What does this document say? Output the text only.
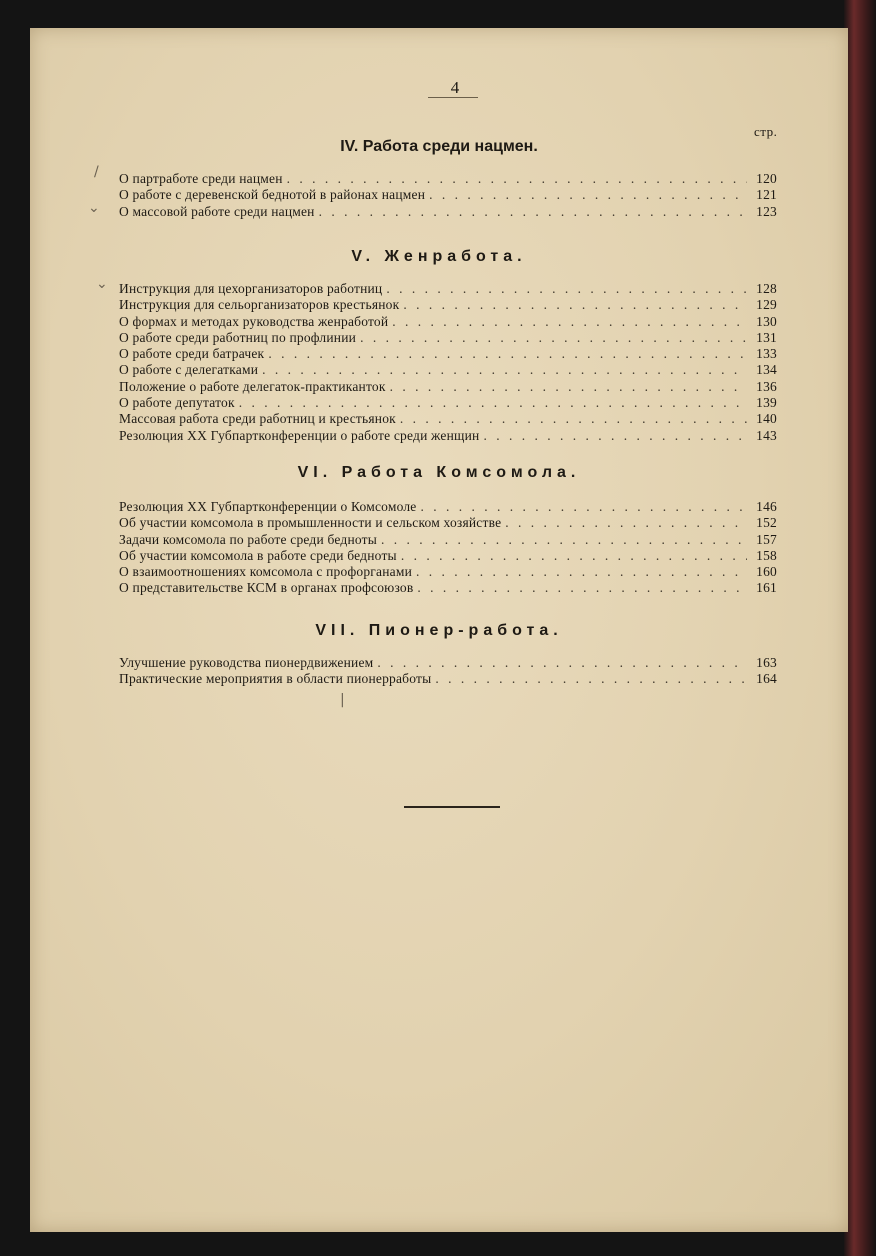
4
стр.
IV. Работа среди нацмен.
О партработе среди нацмен . . .	120
О работе с деревенской беднотой в районах нацмен . . .	121
О массовой работе среди нацмен . . .	123
V. Женработа.
Инструкция для цехорганизаторов работниц . . .	128
Инструкция для сельорганизаторов крестьянок . . .	129
О формах и методах руководства женработой . . .	130
О работе среди работниц по профлинии . . .	131
О работе среди батрачек . . .	133
О работе с делегатками . . .	134
Положение о работе делегаток-практиканток . . .	136
О работе депутаток . . .	139
Массовая работа среди работниц и крестьянок . . .	140
Резолюция XX Губпартконференции о работе среди женщин . . .	143
VI. Работа Комсомола.
Резолюция XX Губпартконференции о Комсомоле . . .	146
Об участии комсомола в промышленности и сельском хозяйстве . . .	152
Задачи комсомола по работе среди бедноты . . .	157
Об участии комсомола в работе среди бедноты . . .	158
О взаимоотношениях комсомола с профорганами . . .	160
О представительстве КСМ в органах профсоюзов . . .	161
VII. Пионер-работа.
Улучшение руководства пионердвижением . . .	163
Практические мероприятия в области пионерработы . . .	164
/
⌄
⌄
|
